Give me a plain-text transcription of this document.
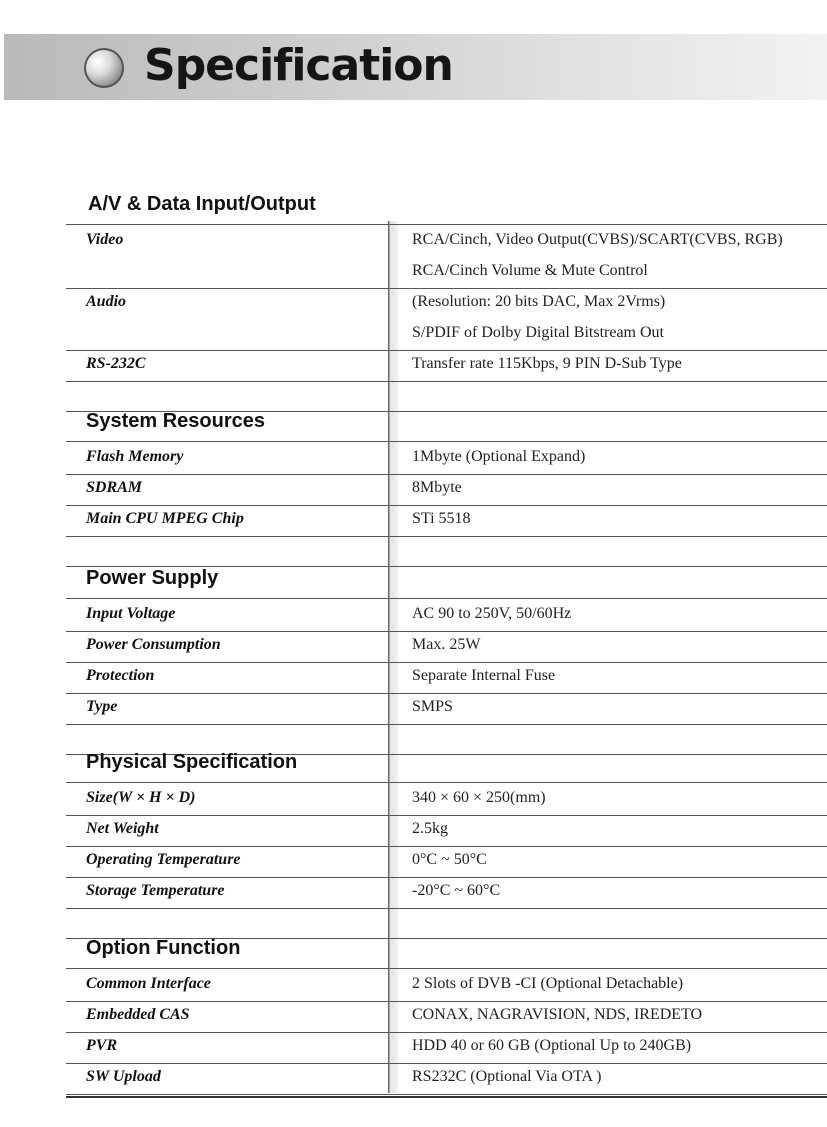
Specification
A/V & Data Input/Output
Video	RCA/Cinch, Video Output(CVBS)/SCART(CVBS, RGB)
RCA/Cinch Volume & Mute Control
Audio	(Resolution: 20 bits DAC, Max 2Vrms)
S/PDIF of Dolby Digital Bitstream Out
RS-232C	Transfer rate 115Kbps, 9 PIN D-Sub Type
System Resources
Flash Memory	1Mbyte (Optional Expand)
SDRAM	8Mbyte
Main CPU MPEG Chip	STi 5518
Power Supply
Input Voltage	AC 90 to 250V, 50/60Hz
Power Consumption	Max. 25W
Protection	Separate Internal Fuse
Type	SMPS
Physical Specification
Size(W × H × D)	340 × 60 × 250(mm)
Net Weight	2.5kg
Operating Temperature	0°C ~ 50°C
Storage Temperature	-20°C ~ 60°C
Option Function
Common Interface	2 Slots of DVB -CI (Optional Detachable)
Embedded CAS	CONAX, NAGRAVISION, NDS, IREDETO
PVR	HDD 40 or 60 GB (Optional Up to 240GB)
SW Upload	RS232C (Optional Via OTA )
